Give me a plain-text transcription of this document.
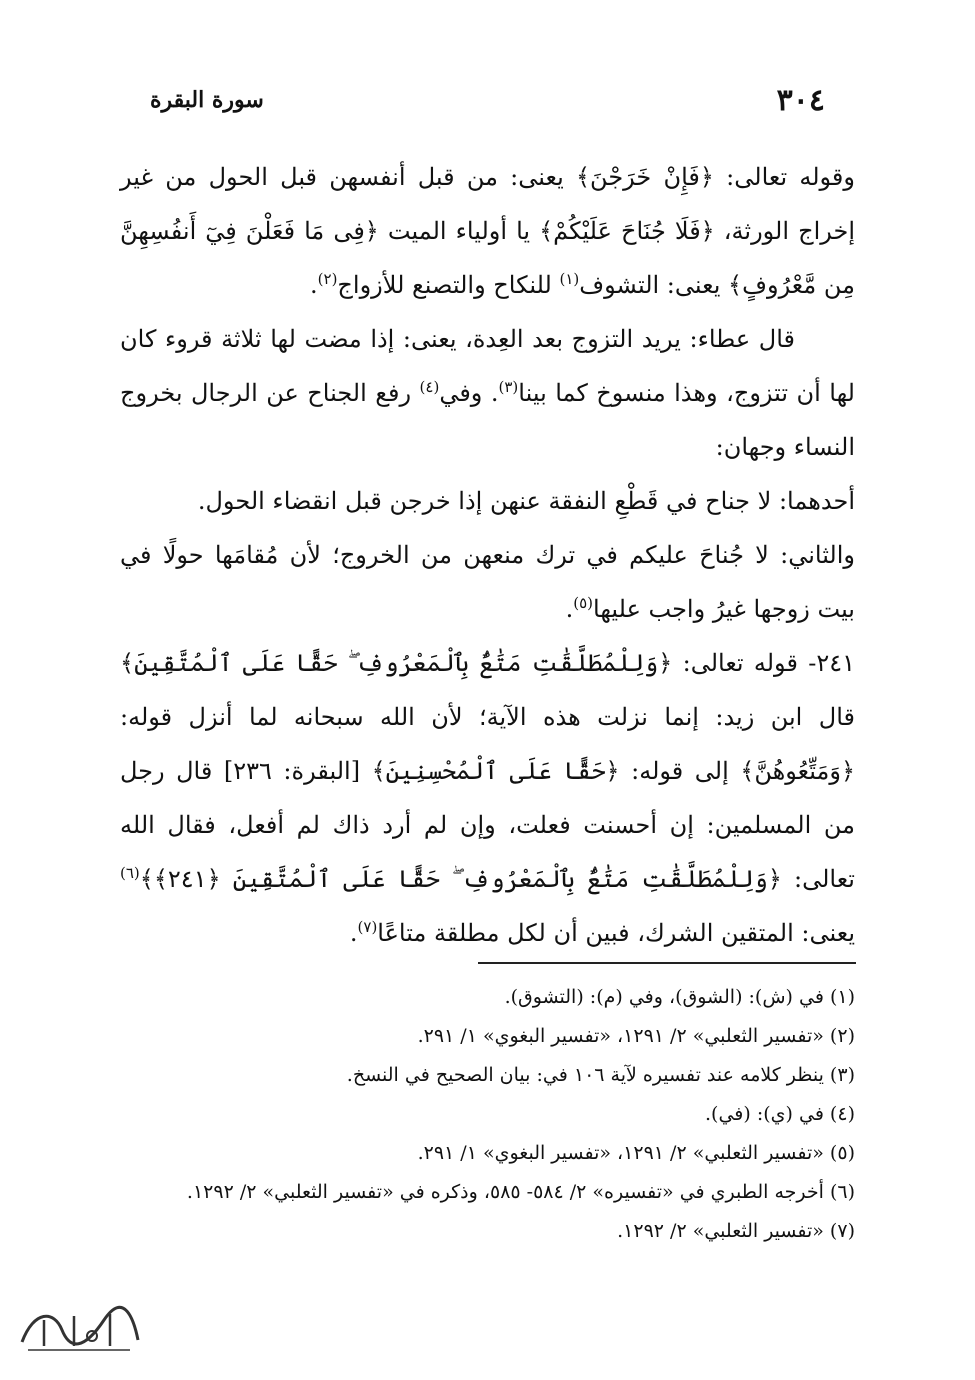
٣٠٤
سورة البقرة

وقوله تعالى: ﴿فَإِنْ خَرَجْنَ﴾ يعنى: من قبل أنفسهن قبل الحول من غير إخراج الورثة، ﴿فَلَا جُنَاحَ عَلَيْكُمْ﴾ يا أولياء الميت ﴿فِى مَا فَعَلْنَ فِيٓ أَنفُسِهِنَّ مِن مَّعْرُوفٍ﴾ يعنى: التشوف$^{(١)}$ للنكاح والتصنع للأزواج$^{(٢)}$.

قال عطاء: يريد التزوج بعد العِدة، يعنى: إذا مضت لها ثلاثة قروء كان لها أن تتزوج، وهذا منسوخ كما بينا$^{(٣)}$. وفي$^{(٤)}$ رفع الجناح عن الرجال بخروج النساء وجهان:

أحدهما: لا جناح في قَطْعِ النفقة عنهن إذا خرجن قبل انقضاء الحول.

والثاني: لا جُناحَ عليكم في ترك منعهن من الخروج؛ لأن مُقامَها حولًا في بيت زوجها غيرُ واجب عليها$^{(٥)}$.

٢٤١- قوله تعالى: ﴿وَلِلْمُطَلَّقَٰتِ مَتَٰعٌۢ بِٱلْمَعْرُوفِ ۖ حَقًّا عَلَى ٱلْمُتَّقِينَ﴾ قال ابن زيد: إنما نزلت هذه الآية؛ لأن الله سبحانه لما أنزل قوله: ﴿وَمَتِّعُوهُنَّ﴾ إلى قوله: ﴿حَقًّا عَلَى ٱلْمُحْسِنِينَ﴾ [البقرة: ٢٣٦] قال رجل من المسلمين: إن أحسنت فعلت، وإن لم أرد ذاك لم أفعل، فقال الله تعالى: ﴿وَلِلْمُطَلَّقَٰتِ مَتَٰعٌۢ بِٱلْمَعْرُوفِ ۖ حَقًّا عَلَى ٱلْمُتَّقِينَ ﴿٢٤١﴾﴾$^{(٦)}$ يعنى: المتقين الشرك، فبين أن لكل مطلقة متاعًا$^{(٧)}$.

(١) في (ش): (الشوق)، وفي (م): (التشوق).
(٢) «تفسير الثعلبي» ٢/ ١٢٩١، «تفسير البغوي» ١/ ٢٩١.
(٣) ينظر كلامه عند تفسيره لآية ١٠٦ في: بيان الصحيح في النسخ.
(٤) في (ي): (في).
(٥) «تفسير الثعلبي» ٢/ ١٢٩١، «تفسير البغوي» ١/ ٢٩١.
(٦) أخرجه الطبري في «تفسيره» ٢/ ٥٨٤- ٥٨٥، وذكره في «تفسير الثعلبي» ٢/ ١٢٩٢.
(٧) «تفسير الثعلبي» ٢/ ١٢٩٢.
